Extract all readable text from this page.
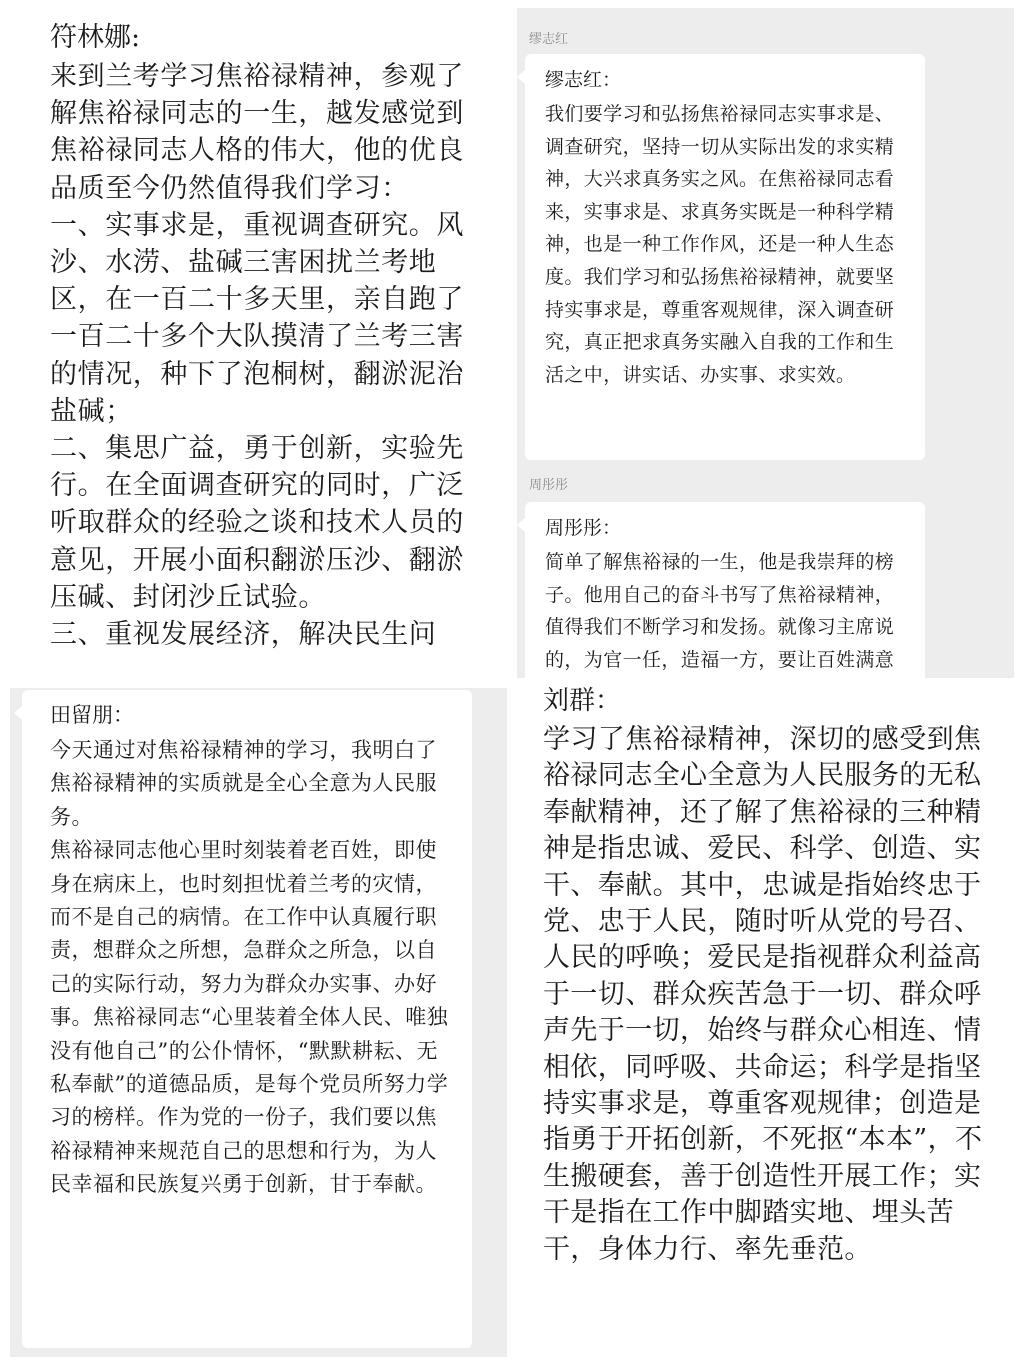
符林娜:
来到兰考学习焦裕禄精神，参观了解焦裕禄同志的一生，越发感觉到焦裕禄同志人格的伟大，他的优良品质至今仍然值得我们学习：
一、实事求是，重视调查研究。风沙、水涝、盐碱三害困扰兰考地区，在一百二十多天里，亲自跑了一百二十多个大队摸清了兰考三害的情况，种下了泡桐树，翻淤泥治盐碱；
二、集思广益，勇于创新，实验先行。在全面调查研究的同时，广泛听取群众的经验之谈和技术人员的意见，开展小面积翻淤压沙、翻淤压碱、封闭沙丘试验。
三、重视发展经济，解决民生问
缪志红
缪志红：
我们要学习和弘扬焦裕禄同志实事求是、调查研究，坚持一切从实际出发的求实精神，大兴求真务实之风。在焦裕禄同志看来，实事求是、求真务实既是一种科学精神，也是一种工作作风，还是一种人生态度。我们学习和弘扬焦裕禄精神，就要坚持实事求是，尊重客观规律，深入调查研究，真正把求真务实融入自我的工作和生活之中，讲实话、办实事、求实效。
周彤彤
周彤彤：
简单了解焦裕禄的一生，他是我崇拜的榜子。他用自己的奋斗书写了焦裕禄精神，值得我们不断学习和发扬。就像习主席说的，为官一任，造福一方，要让百姓满意
田留朋：
今天通过对焦裕禄精神的学习，我明白了焦裕禄精神的实质就是全心全意为人民服务。
焦裕禄同志他心里时刻装着老百姓，即使身在病床上，也时刻担忧着兰考的灾情，而不是自己的病情。在工作中认真履行职责，想群众之所想，急群众之所急，以自己的实际行动，努力为群众办实事、办好事。焦裕禄同志“心里装着全体人民、唯独没有他自己”的公仆情怀，“默默耕耘、无私奉献”的道德品质，是每个党员所努力学习的榜样。作为党的一份子，我们要以焦裕禄精神来规范自己的思想和行为，为人民幸福和民族复兴勇于创新，甘于奉献。
刘群：
学习了焦裕禄精神，深切的感受到焦裕禄同志全心全意为人民服务的无私奉献精神，还了解了焦裕禄的三种精神是指忠诚、爱民、科学、创造、实干、奉献。其中，忠诚是指始终忠于党、忠于人民，随时听从党的号召、人民的呼唤；爱民是指视群众利益高于一切、群众疾苦急于一切、群众呼声先于一切，始终与群众心相连、情相依，同呼吸、共命运；科学是指坚持实事求是，尊重客观规律；创造是指勇于开拓创新，不死抠“本本”，不生搬硬套，善于创造性开展工作；实干是指在工作中脚踏实地、埋头苦干，身体力行、率先垂范。
